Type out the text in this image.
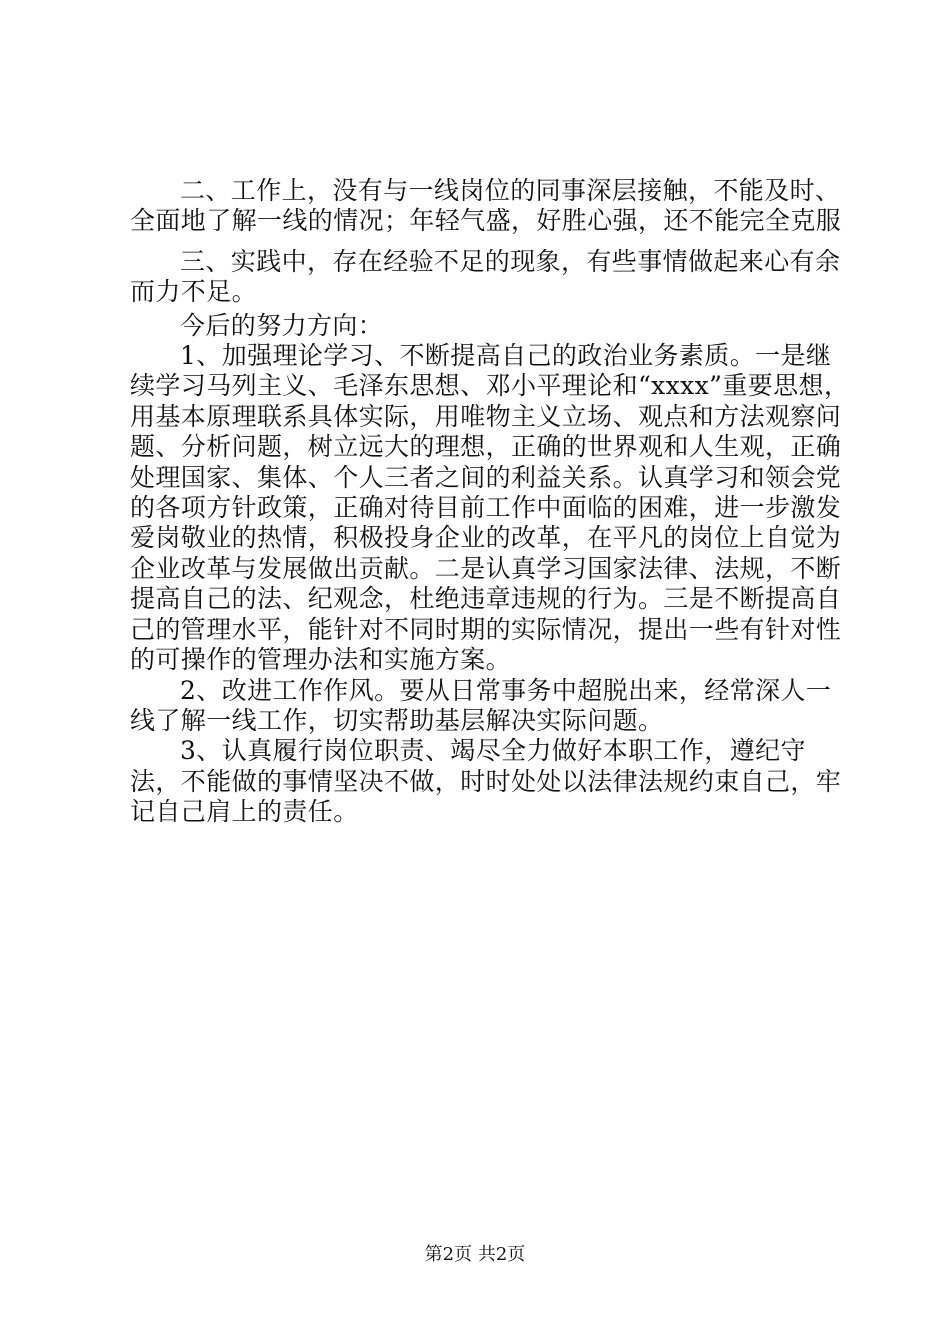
二、工作上，没有与一线岗位的同事深层接触，不能及时、全面地了解一线的情况；年轻气盛，好胜心强，还不能完全克服

三、实践中，存在经验不足的现象，有些事情做起来心有余而力不足。

今后的努力方向：

1、加强理论学习、不断提高自己的政治业务素质。一是继续学习马列主义、毛泽东思想、邓小平理论和“xxxx”重要思想，用基本原理联系具体实际，用唯物主义立场、观点和方法观察问题、分析问题，树立远大的理想，正确的世界观和人生观，正确处理国家、集体、个人三者之间的利益关系。认真学习和领会党的各项方针政策，正确对待目前工作中面临的困难，进一步激发爱岗敬业的热情，积极投身企业的改革，在平凡的岗位上自觉为企业改革与发展做出贡献。二是认真学习国家法律、法规，不断提高自己的法、纪观念，杜绝违章违规的行为。三是不断提高自己的管理水平，能针对不同时期的实际情况，提出一些有针对性的可操作的管理办法和实施方案。

2、改进工作作风。要从日常事务中超脱出来，经常深人一线了解一线工作，切实帮助基层解决实际问题。

3、认真履行岗位职责、竭尽全力做好本职工作，遵纪守法，不能做的事情坚决不做，时时处处以法律法规约束自己，牢记自己肩上的责任。

第2页 共2页
